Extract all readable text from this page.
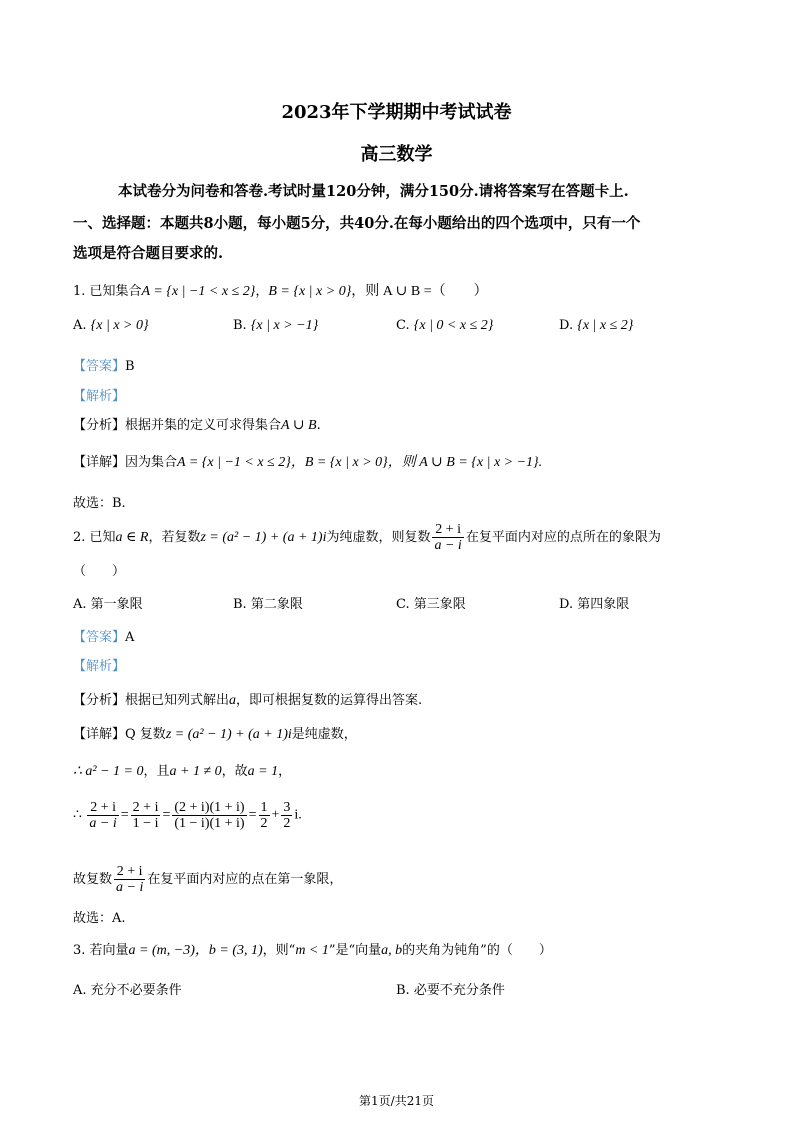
2023年下学期期中考试试卷
高三数学
本试卷分为问卷和答卷.考试时量120分钟，满分150分.请将答案写在答题卡上.
一、选择题：本题共8小题，每小题5分，共40分.在每小题给出的四个选项中，只有一个
选项是符合题目要求的.
1. 已知集合A = {x | −1 < x ≤ 2}，B = {x | x > 0}，则 A ∪ B =（　　）
A. {x | x > 0}	B. {x | x > −1}	C. {x | 0 < x ≤ 2}	D. {x | x ≤ 2}
【答案】B
【解析】
【分析】根据并集的定义可求得集合A ∪ B.
【详解】因为集合A = {x | −1 < x ≤ 2}，B = {x | x > 0}，则 A ∪ B = {x | x > −1}.
故选：B.
2. 已知a ∈ R，若复数z = (a² − 1) + (a + 1)i为纯虚数，则复数 $\frac{2 + i}{a - i}$ 在复平面内对应的点所在的象限为
（　　）
A. 第一象限	B. 第二象限	C. 第三象限	D. 第四象限
【答案】A
【解析】
【分析】根据已知列式解出a，即可根据复数的运算得出答案.
【详解】Q 复数z = (a² − 1) + (a + 1)i是纯虚数，
∴ a² − 1 = 0，且a + 1 ≠ 0，故a = 1，
∴ $\frac{2 + i}{a - i} = \frac{2 + i}{1 - i} = \frac{(2 + i)(1 + i)}{(1 - i)(1 + i)} = \frac{1}{2} + \frac{3}{2} i$.
故复数 $\frac{2 + i}{a - i}$ 在复平面内对应的点在第一象限，
故选：A.
3. 若向量a = (m, −3)，b = (3, 1)，则“m < 1”是“向量a, b的夹角为钝角”的（　　）
A. 充分不必要条件	B. 必要不充分条件
第1页/共21页
